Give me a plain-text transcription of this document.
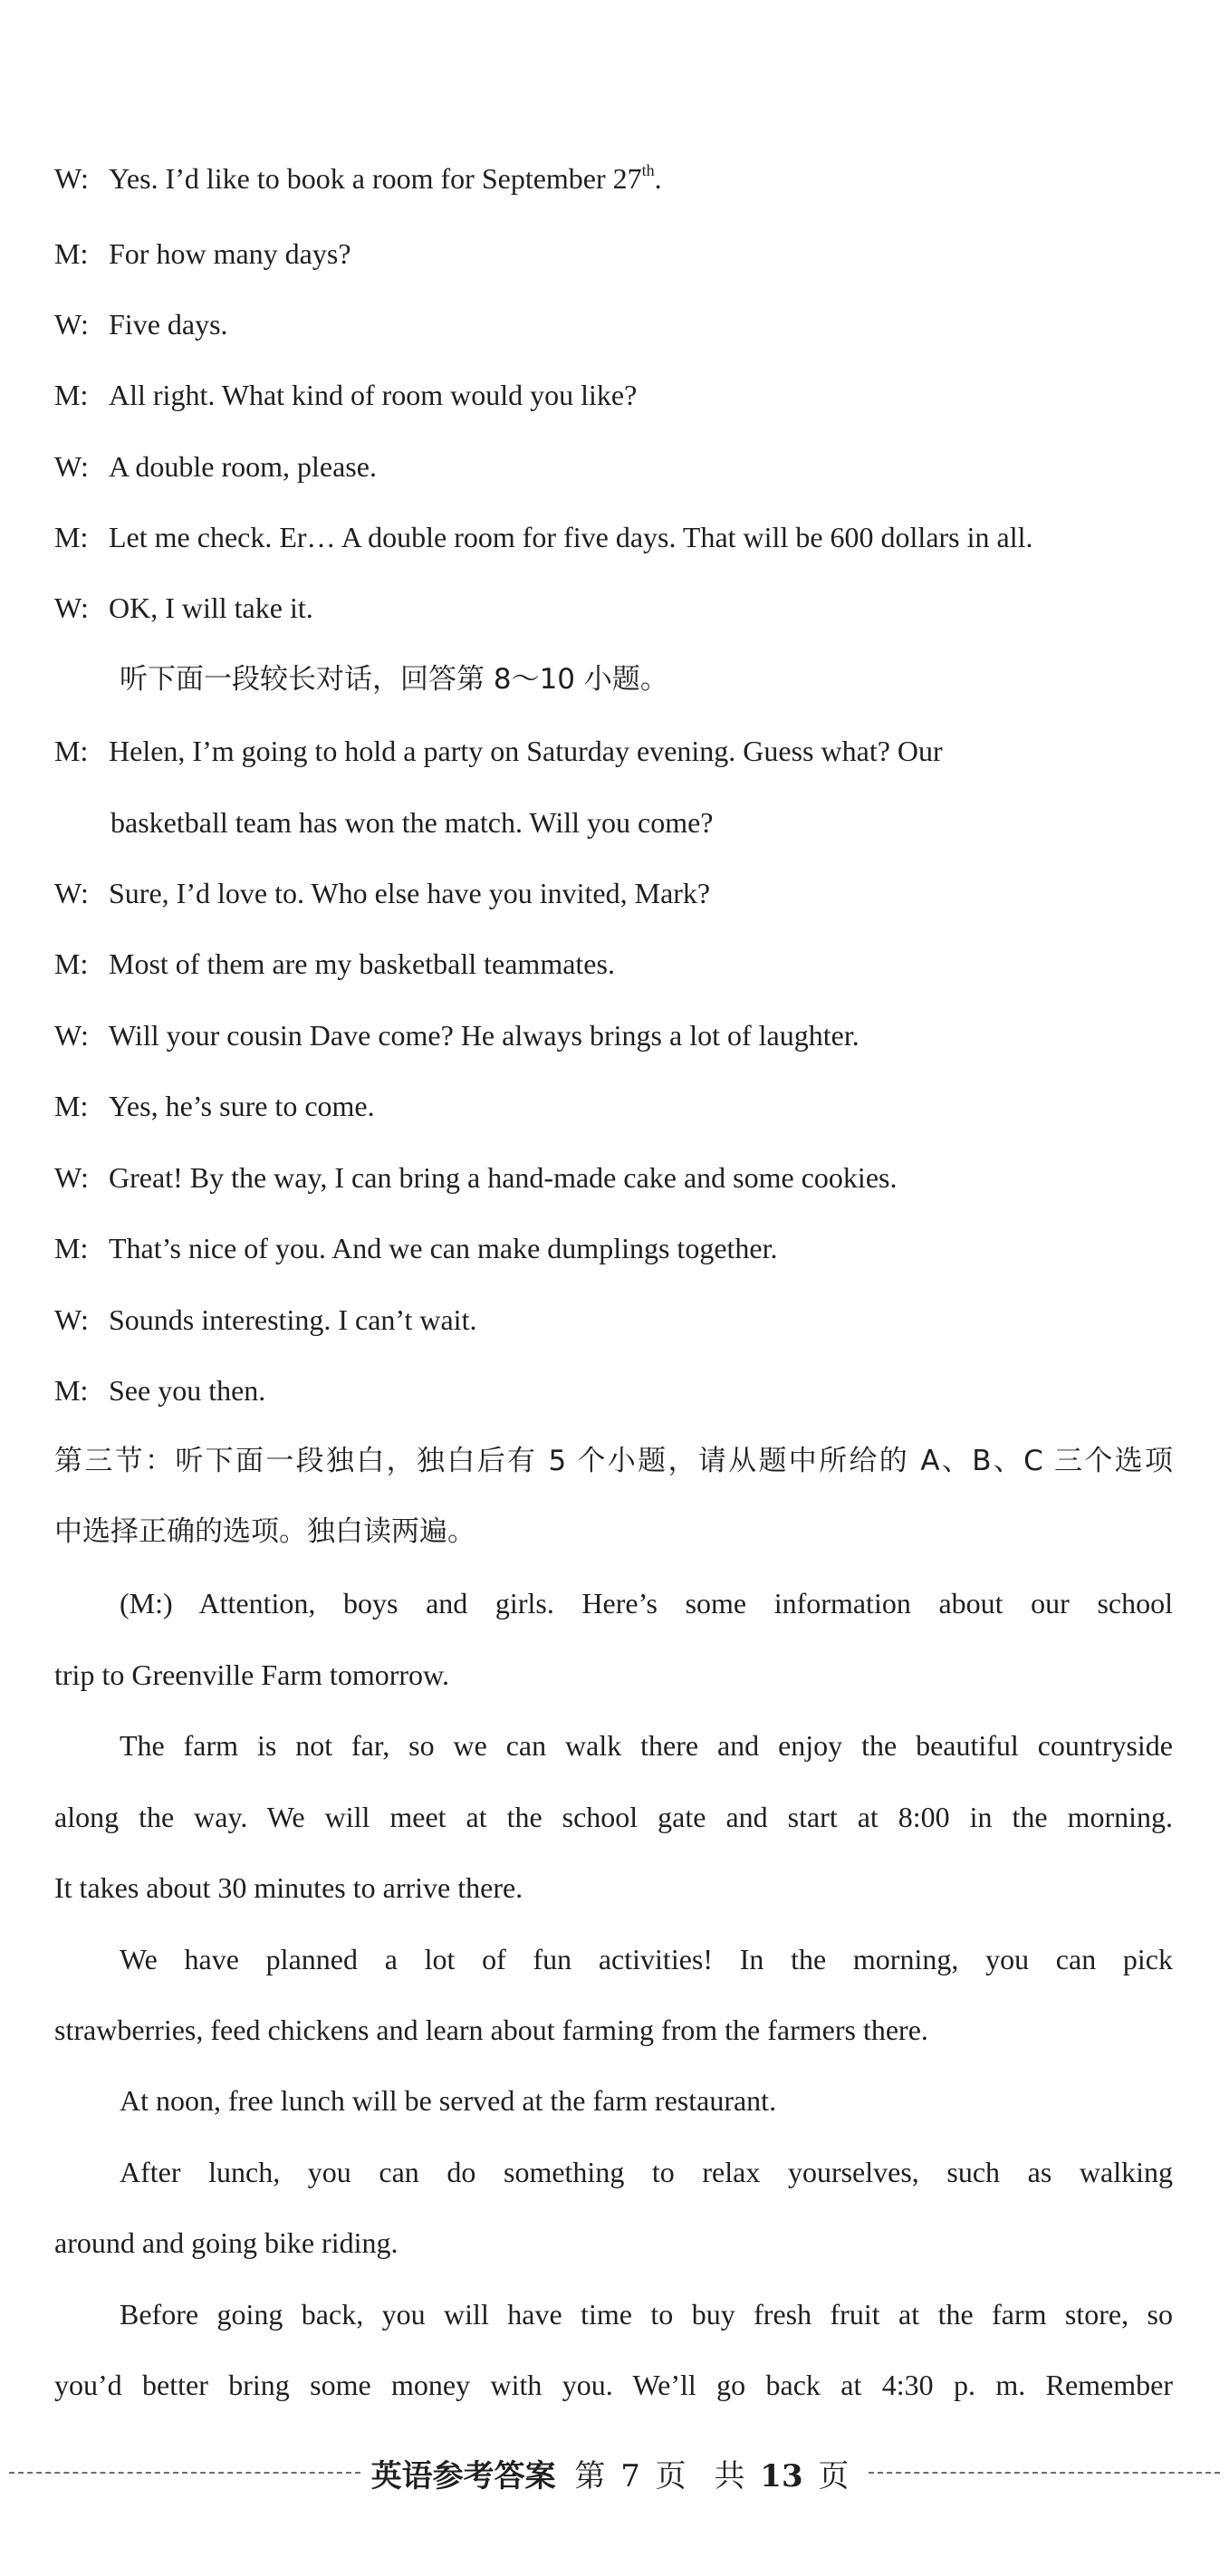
W: Yes. I’d like to book a room for September 27th.
M: For how many days?
W: Five days.
M: All right. What kind of room would you like?
W: A double room, please.
M: Let me check. Er… A double room for five days. That will be 600 dollars in all.
W: OK, I will take it.
听下面一段较长对话，回答第 8～10 小题。
M: Helen, I’m going to hold a party on Saturday evening. Guess what? Our
basketball team has won the match. Will you come?
W: Sure, I’d love to. Who else have you invited, Mark?
M: Most of them are my basketball teammates.
W: Will your cousin Dave come? He always brings a lot of laughter.
M: Yes, he’s sure to come.
W: Great! By the way, I can bring a hand-made cake and some cookies.
M: That’s nice of you. And we can make dumplings together.
W: Sounds interesting. I can’t wait.
M: See you then.
第三节：听下面一段独白，独白后有 5 个小题，请从题中所给的 A、B、C 三个选项
中选择正确的选项。独白读两遍。
(M:) Attention, boys and girls. Here’s some information about our school
trip to Greenville Farm tomorrow.
The farm is not far, so we can walk there and enjoy the beautiful countryside
along the way. We will meet at the school gate and start at 8:00 in the morning.
It takes about 30 minutes to arrive there.
We have planned a lot of fun activities! In the morning, you can pick
strawberries, feed chickens and learn about farming from the farmers there.
At noon, free lunch will be served at the farm restaurant.
After lunch, you can do something to relax yourselves, such as walking
around and going bike riding.
Before going back, you will have time to buy fresh fruit at the farm store, so
you’d better bring some money with you. We’ll go back at 4:30 p. m. Remember
英语参考答案 第 7 页 共 13 页
